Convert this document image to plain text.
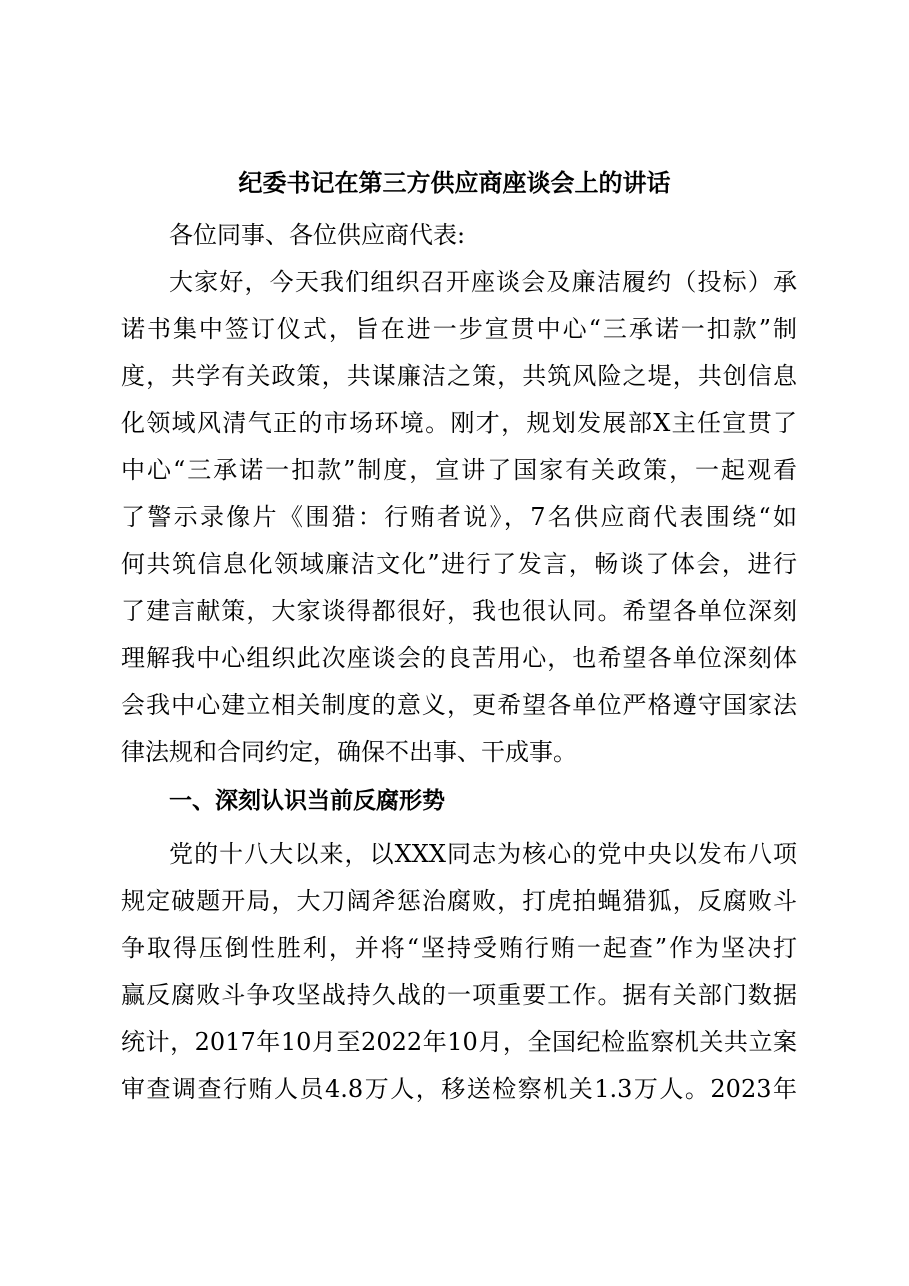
纪委书记在第三方供应商座谈会上的讲话

各位同事、各位供应商代表:

大家好，今天我们组织召开座谈会及廉洁履约（投标）承

诺书集中签订仪式，旨在进一步宣贯中心“三承诺一扣款”制

度，共学有关政策，共谋廉洁之策，共筑风险之堤，共创信息

化领域风清气正的市场环境。刚才，规划发展部X主任宣贯了

中心“三承诺一扣款”制度，宣讲了国家有关政策，一起观看

了警示录像片《围猎：行贿者说》，7名供应商代表围绕“如

何共筑信息化领域廉洁文化”进行了发言，畅谈了体会，进行

了建言献策，大家谈得都很好，我也很认同。希望各单位深刻

理解我中心组织此次座谈会的良苦用心，也希望各单位深刻体

会我中心建立相关制度的意义，更希望各单位严格遵守国家法

律法规和合同约定，确保不出事、干成事。

一、深刻认识当前反腐形势

党的十八大以来，以XXX同志为核心的党中央以发布八项

规定破题开局，大刀阔斧惩治腐败，打虎拍蝇猎狐，反腐败斗

争取得压倒性胜利，并将“坚持受贿行贿一起查”作为坚决打

赢反腐败斗争攻坚战持久战的一项重要工作。据有关部门数据

统计，2017年10月至2022年10月，全国纪检监察机关共立案

审查调查行贿人员4.8万人，移送检察机关1.3万人。2023年
